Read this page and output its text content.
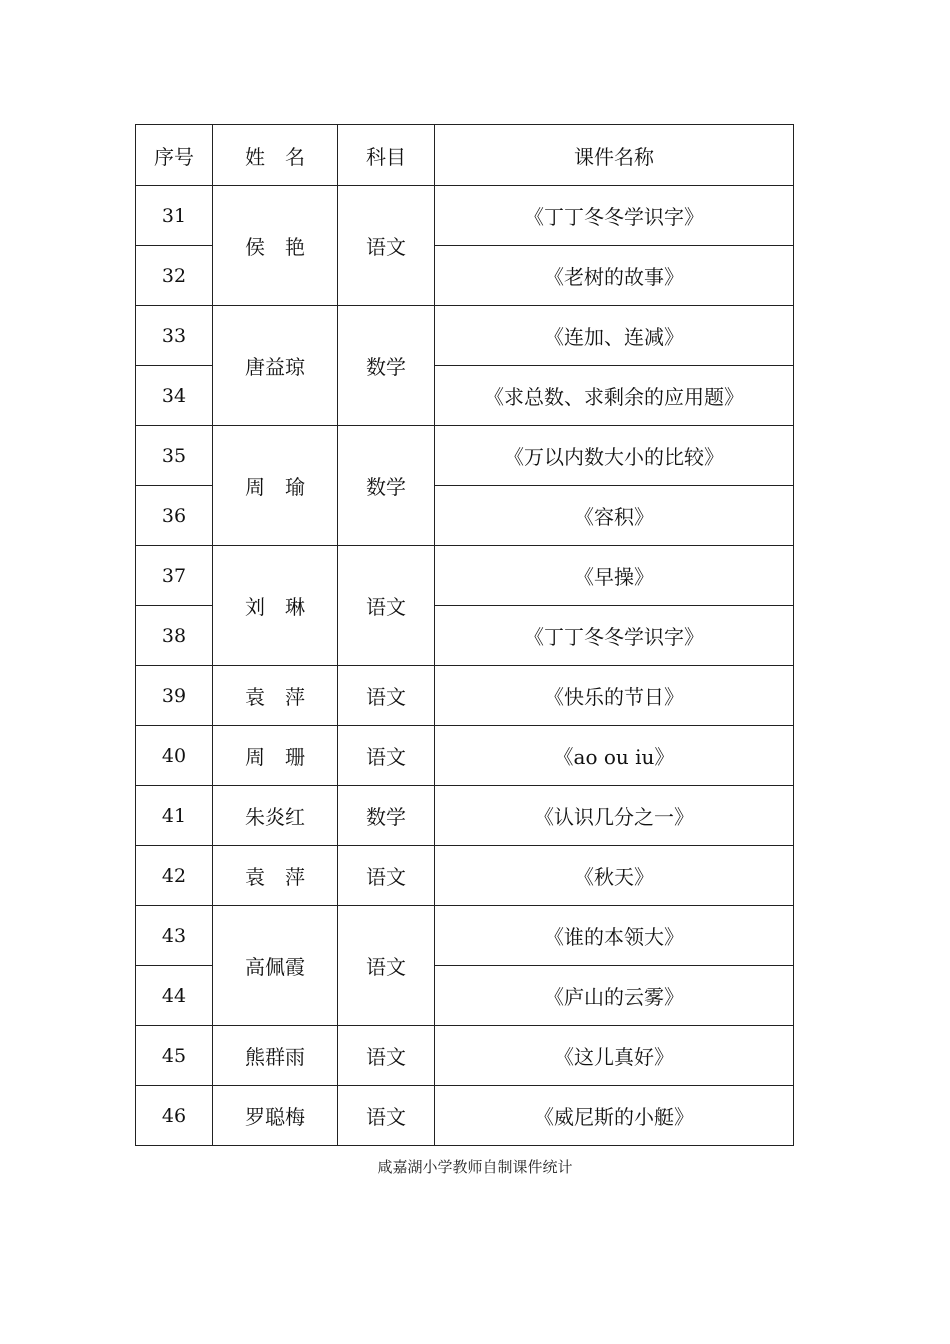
序号	姓　名	科目	课件名称
31	侯　艳	语文	《丁丁冬冬学识字》
32			《老树的故事》
33	唐益琼	数学	《连加、连减》
34			《求总数、求剩余的应用题》
35	周　瑜	数学	《万以内数大小的比较》
36			《容积》
37	刘　琳	语文	《早操》
38			《丁丁冬冬学识字》
39	袁　萍	语文	《快乐的节日》
40	周　珊	语文	《ao ou iu》
41	朱炎红	数学	《认识几分之一》
42	袁　萍	语文	《秋天》
43	高佩霞	语文	《谁的本领大》
44			《庐山的云雾》
45	熊群雨	语文	《这儿真好》
46	罗聪梅	语文	《威尼斯的小艇》
咸嘉湖小学教师自制课件统计
